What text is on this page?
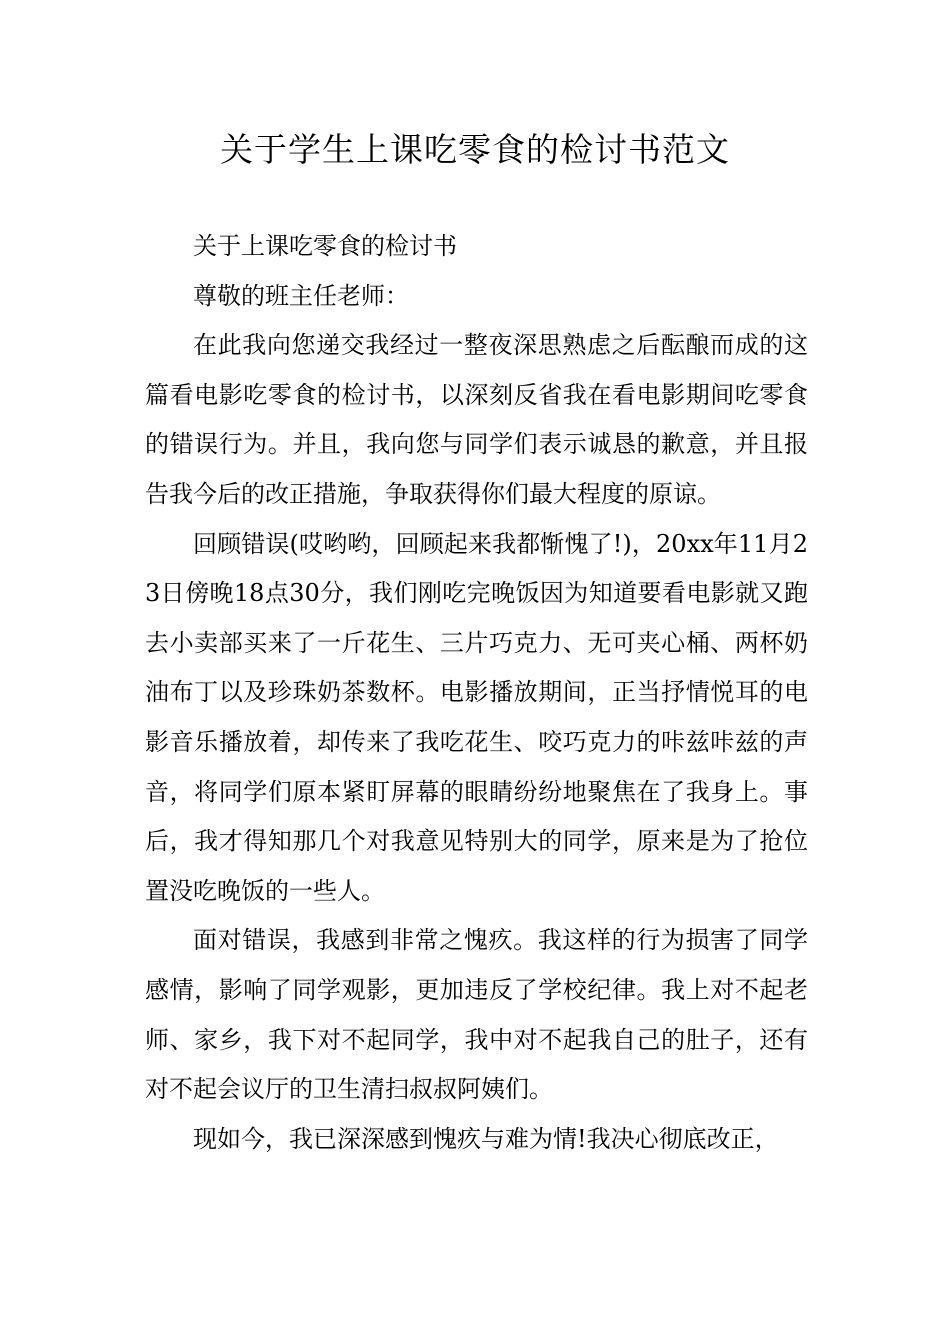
关于学生上课吃零食的检讨书范文

关于上课吃零食的检讨书

尊敬的班主任老师：

在此我向您递交我经过一整夜深思熟虑之后酝酿而成的这篇看电影吃零食的检讨书，以深刻反省我在看电影期间吃零食的错误行为。并且，我向您与同学们表示诚恳的歉意，并且报告我今后的改正措施，争取获得你们最大程度的原谅。

回顾错误(哎哟哟，回顾起来我都惭愧了!)，20xx年11月23日傍晚18点30分，我们刚吃完晚饭因为知道要看电影就又跑去小卖部买来了一斤花生、三片巧克力、无可夹心桶、两杯奶油布丁以及珍珠奶茶数杯。电影播放期间，正当抒情悦耳的电影音乐播放着，却传来了我吃花生、咬巧克力的咔兹咔兹的声音，将同学们原本紧盯屏幕的眼睛纷纷地聚焦在了我身上。事后，我才得知那几个对我意见特别大的同学，原来是为了抢位置没吃晚饭的一些人。

面对错误，我感到非常之愧疚。我这样的行为损害了同学感情，影响了同学观影，更加违反了学校纪律。我上对不起老师、家乡，我下对不起同学，我中对不起我自己的肚子，还有对不起会议厅的卫生清扫叔叔阿姨们。

现如今，我已深深感到愧疚与难为情!我决心彻底改正，
